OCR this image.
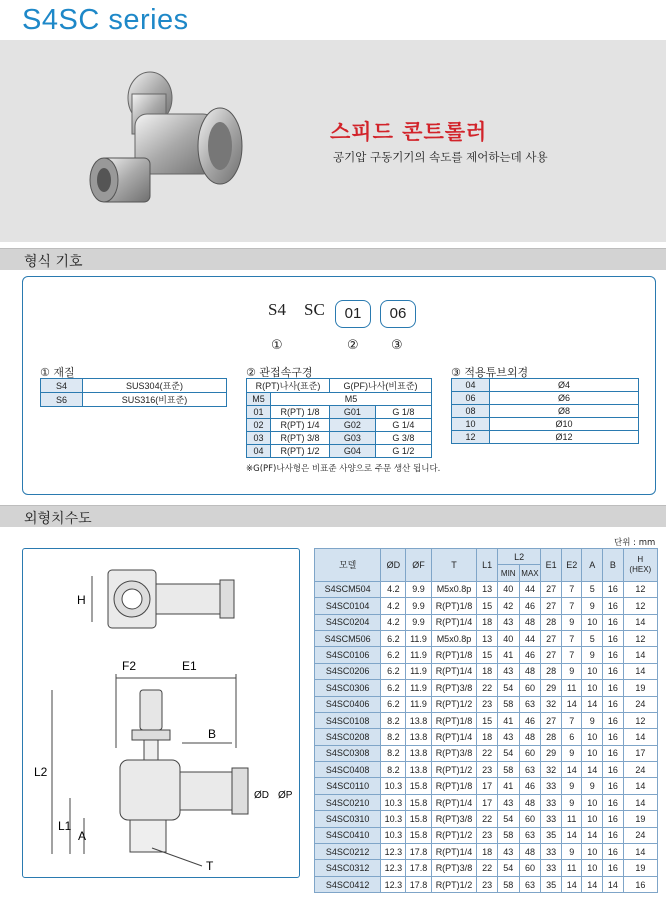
S4SC series
스피드 콘트롤러
공기압 구동기기의 속도를 제어하는데 사용
형식 기호
S4 SC	01	06
①	② ③
① 재질
S4	SUS304(표준)
S6	SUS316(비표준)
② 관접속구경
R(PT)나사(표준)		G(PF)나사(비표준)	
M5	M5		
01	R(PT) 1/8	G01	G 1/8
02	R(PT) 1/4	G02	G 1/4
03	R(PT) 3/8	G03	G 3/8
04	R(PT) 1/2	G04	G 1/2
※G(PF)나사형은 비표준 사양으로 주문 생산 됩니다.
③ 적용튜브외경
04	Ø4
06	Ø6
08	Ø8
10	Ø10
12	Ø12
외형치수도
H
F2	E1
L2
L1
A
B
ØD ØP
T
단위 : mm
모델	ØD	ØF	T	L1	L2		E1	E2	A	B	H
(HEX)
					MIN	MAX					
S4SCM504	4.2	9.9	M5x0.8p	13	40	44	27	7	5	16	12
S4SC0104	4.2	9.9	R(PT)1/8	15	42	46	27	7	9	16	12
S4SC0204	4.2	9.9	R(PT)1/4	18	43	48	28	9	10	16	14
S4SCM506	6.2	11.9	M5x0.8p	13	40	44	27	7	5	16	12
S4SC0106	6.2	11.9	R(PT)1/8	15	41	46	27	7	9	16	14
S4SC0206	6.2	11.9	R(PT)1/4	18	43	48	28	9	10	16	14
S4SC0306	6.2	11.9	R(PT)3/8	22	54	60	29	11	10	16	19
S4SC0406	6.2	11.9	R(PT)1/2	23	58	63	32	14	14	16	24
S4SC0108	8.2	13.8	R(PT)1/8	15	41	46	27	7	9	16	12
S4SC0208	8.2	13.8	R(PT)1/4	18	43	48	28	6	10	16	14
S4SC0308	8.2	13.8	R(PT)3/8	22	54	60	29	9	10	16	17
S4SC0408	8.2	13.8	R(PT)1/2	23	58	63	32	14	14	16	24
S4SC0110	10.3	15.8	R(PT)1/8	17	41	46	33	9	9	16	14
S4SC0210	10.3	15.8	R(PT)1/4	17	43	48	33	9	10	16	14
S4SC0310	10.3	15.8	R(PT)3/8	22	54	60	33	11	10	16	19
S4SC0410	10.3	15.8	R(PT)1/2	23	58	63	35	14	14	16	24
S4SC0212	12.3	17.8	R(PT)1/4	18	43	48	33	9	10	16	14
S4SC0312	12.3	17.8	R(PT)3/8	22	54	60	33	11	10	16	19
S4SC0412	12.3	17.8	R(PT)1/2	23	58	63	35	14	14	14	16
